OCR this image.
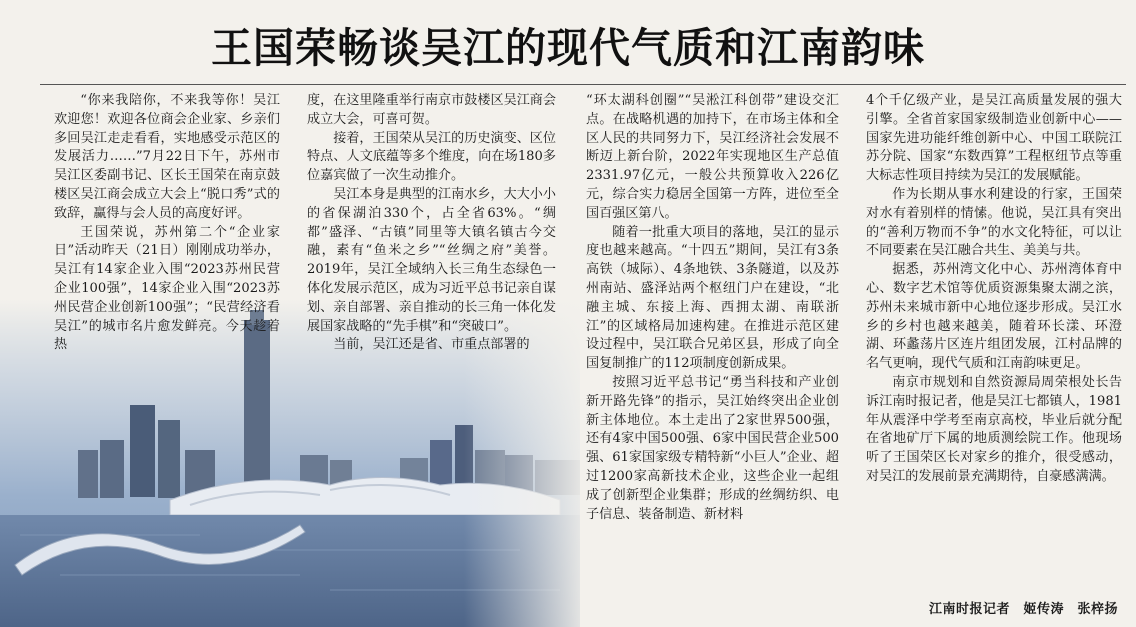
王国荣畅谈吴江的现代气质和江南韵味

“你来我陪你，不来我等你！吴江欢迎您！欢迎各位商会企业家、乡亲们多回吴江走走看看，实地感受示范区的发展活力……”7月22日下午，苏州市吴江区委副书记、区长王国荣在南京鼓楼区吴江商会成立大会上“脱口秀”式的致辞，赢得与会人员的高度好评。

王国荣说，苏州第二个“企业家日”活动昨天（21日）刚刚成功举办，吴江有14家企业入围“2023苏州民营企业100强”，14家企业入围“2023苏州民营企业创新100强”；“民营经济看吴江”的城市名片愈发鲜亮。今天趁着热

度，在这里隆重举行南京市鼓楼区吴江商会成立大会，可喜可贺。

接着，王国荣从吴江的历史演变、区位特点、人文底蕴等多个维度，向在场180多位嘉宾做了一次生动推介。

吴江本身是典型的江南水乡，大大小小的省保湖泊330个，占全省63%。“绸都”盛泽、“古镇”同里等大镇名镇古今交融，素有“鱼米之乡”“丝绸之府”美誉。2019年，吴江全域纳入长三角生态绿色一体化发展示范区，成为习近平总书记亲自谋划、亲自部署、亲自推动的长三角一体化发展国家战略的“先手棋”和“突破口”。

当前，吴江还是省、市重点部署的

“环太湖科创圈”“吴淞江科创带”建设交汇点。在战略机遇的加持下，在市场主体和全区人民的共同努力下，吴江经济社会发展不断迈上新台阶，2022年实现地区生产总值2331.97亿元，一般公共预算收入226亿元，综合实力稳居全国第一方阵，进位至全国百强区第八。

随着一批重大项目的落地，吴江的显示度也越来越高。“十四五”期间，吴江有3条高铁（城际）、4条地铁、3条隧道，以及苏州南站、盛泽站两个枢纽门户在建设，“北融主城、东接上海、西拥太湖、南联浙江”的区域格局加速构建。在推进示范区建设过程中，吴江联合兄弟区县，形成了向全国复制推广的112项制度创新成果。

按照习近平总书记“勇当科技和产业创新开路先锋”的指示，吴江始终突出企业创新主体地位。本土走出了2家世界500强，还有4家中国500强、6家中国民营企业500强、61家国家级专精特新“小巨人”企业、超过1200家高新技术企业，这些企业一起组成了创新型企业集群；形成的丝绸纺织、电子信息、装备制造、新材料

4个千亿级产业，是吴江高质量发展的强大引擎。全省首家国家级制造业创新中心——国家先进功能纤维创新中心、中国工联院江苏分院、国家“东数西算”工程枢纽节点等重大标志性项目持续为吴江的发展赋能。

作为长期从事水利建设的行家，王国荣对水有着别样的情愫。他说，吴江具有突出的“善利万物而不争”的水文化特征，可以让不同要素在吴江融合共生、美美与共。

据悉，苏州湾文化中心、苏州湾体育中心、数字艺术馆等优质资源集聚太湖之滨，苏州未来城市新中心地位逐步形成。吴江水乡的乡村也越来越美，随着环长漾、环澄湖、环蠡荡片区连片组团发展，江村品牌的名气更响，现代气质和江南韵味更足。

南京市规划和自然资源局周荣根处长告诉江南时报记者，他是吴江七都镇人，1981年从震泽中学考至南京高校，毕业后就分配在省地矿厅下属的地质测绘院工作。他现场听了王国荣区长对家乡的推介，很受感动，对吴江的发展前景充满期待，自豪感满满。

江南时报记者　姬传涛　张梓扬
